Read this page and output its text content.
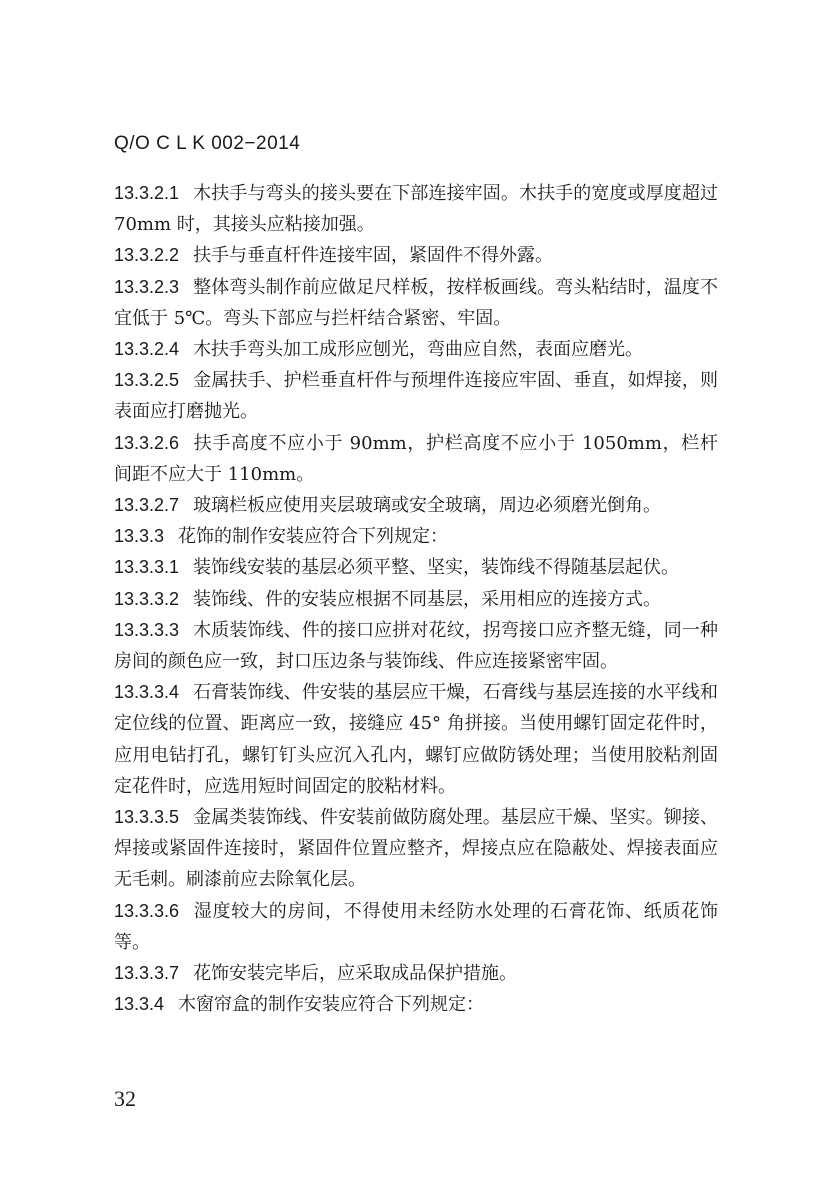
Q/O C L K 002−2014

13.3.2.1 木扶手与弯头的接头要在下部连接牢固。木扶手的宽度或厚度超过 70mm 时，其接头应粘接加强。

13.3.2.2 扶手与垂直杆件连接牢固，紧固件不得外露。

13.3.2.3 整体弯头制作前应做足尺样板，按样板画线。弯头粘结时，温度不宜低于 5℃。弯头下部应与拦杆结合紧密、牢固。

13.3.2.4 木扶手弯头加工成形应刨光，弯曲应自然，表面应磨光。

13.3.2.5 金属扶手、护栏垂直杆件与预埋件连接应牢固、垂直，如焊接，则表面应打磨抛光。

13.3.2.6 扶手高度不应小于 90mm，护栏高度不应小于 1050mm，栏杆间距不应大于 110mm。

13.3.2.7 玻璃栏板应使用夹层玻璃或安全玻璃，周边必须磨光倒角。

13.3.3 花饰的制作安装应符合下列规定：

13.3.3.1 装饰线安装的基层必须平整、坚实，装饰线不得随基层起伏。

13.3.3.2 装饰线、件的安装应根据不同基层，采用相应的连接方式。

13.3.3.3 木质装饰线、件的接口应拼对花纹，拐弯接口应齐整无缝，同一种房间的颜色应一致，封口压边条与装饰线、件应连接紧密牢固。

13.3.3.4 石膏装饰线、件安装的基层应干燥，石膏线与基层连接的水平线和定位线的位置、距离应一致，接缝应 45° 角拼接。当使用螺钉固定花件时，应用电钻打孔，螺钉钉头应沉入孔内，螺钉应做防锈处理；当使用胶粘剂固定花件时，应选用短时间固定的胶粘材料。

13.3.3.5 金属类装饰线、件安装前做防腐处理。基层应干燥、坚实。铆接、焊接或紧固件连接时，紧固件位置应整齐，焊接点应在隐蔽处、焊接表面应无毛刺。刷漆前应去除氧化层。

13.3.3.6 湿度较大的房间，不得使用未经防水处理的石膏花饰、纸质花饰等。

13.3.3.7 花饰安装完毕后，应采取成品保护措施。

13.3.4 木窗帘盒的制作安装应符合下列规定：

32
